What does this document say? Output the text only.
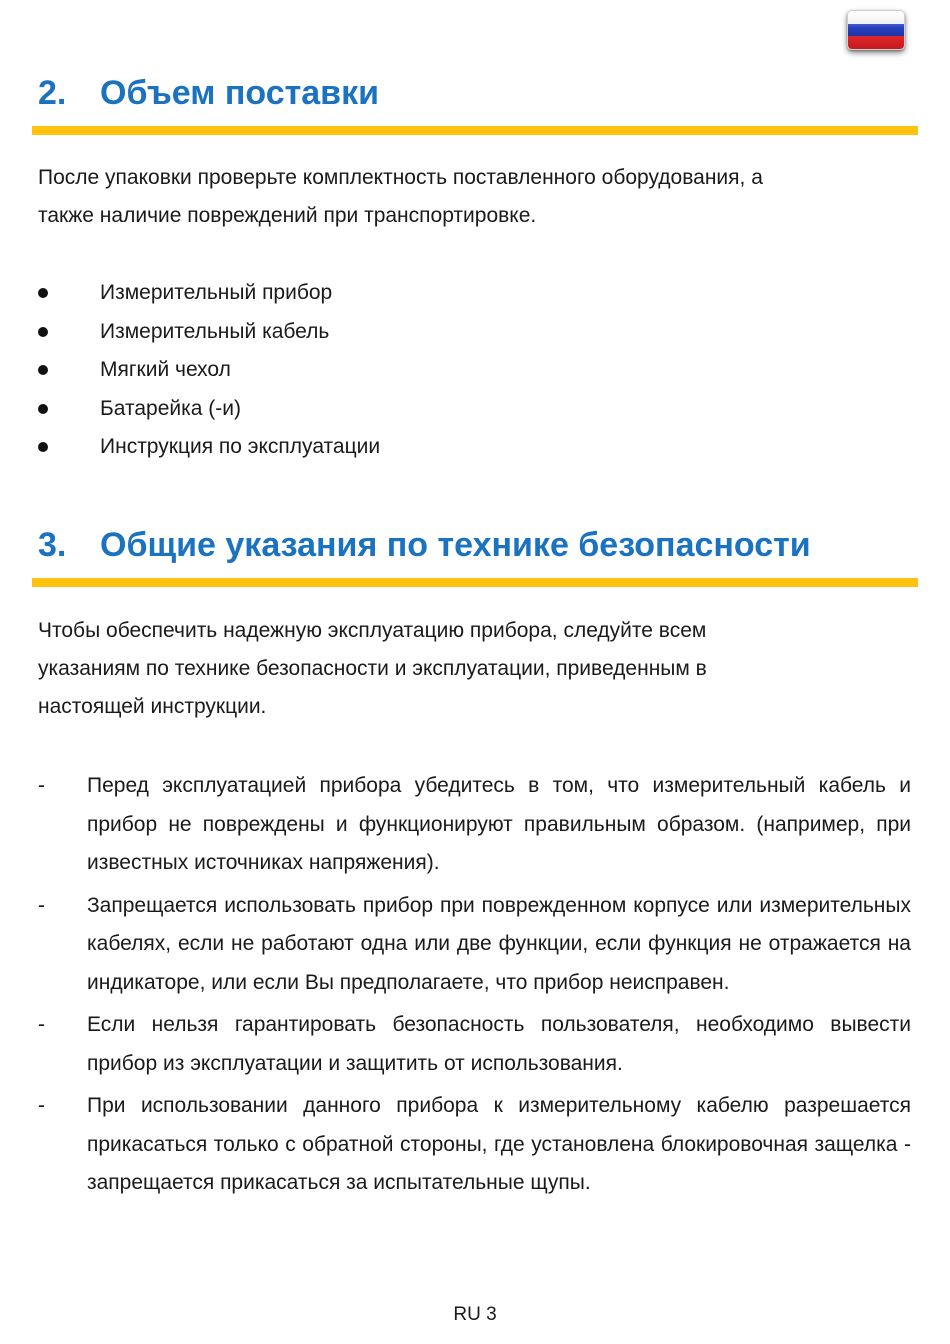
2. Объем поставки

После упаковки проверьте комплектность поставленного оборудования, а
также наличие повреждений при транспортировке.

Измерительный прибор
Измерительный кабель
Мягкий чехол
Батарейка (-и)
Инструкция по эксплуатации
3. Общие указания по технике безопасности

Чтобы обеспечить надежную эксплуатацию прибора, следуйте всем
указаниям по технике безопасности и эксплуатации, приведенным в
настоящей инструкции.

- Перед эксплуатацией прибора убедитесь в том, что измерительный кабель и прибор не повреждены и функционируют правильным образом. (например, при известных источниках напряжения).
- Запрещается использовать прибор при поврежденном корпусе или измерительных кабелях, если не работают одна или две функции, если функция не отражается на индикаторе, или если Вы предполагаете, что прибор неисправен.
- Если нельзя гарантировать безопасность пользователя, необходимо вывести прибор из эксплуатации и защитить от использования.
- При использовании данного прибора к измерительному кабелю разрешается прикасаться только с обратной стороны, где установлена блокировочная защелка - запрещается прикасаться за испытательные щупы.
RU 3
